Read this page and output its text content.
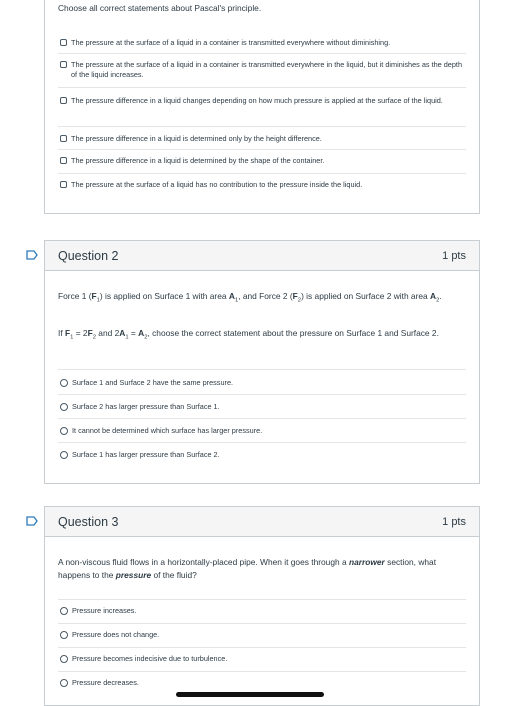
Choose all correct statements about Pascal's principle.
The pressure at the surface of a liquid in a container is transmitted everywhere without diminishing.
The pressure at the surface of a liquid in a container is transmitted everywhere in the liquid, but it diminishes as the depth of the liquid increases.
The pressure difference in a liquid changes depending on how much pressure is applied at the surface of the liquid.
The pressure difference in a liquid is determined only by the height difference.
The pressure difference in a liquid is determined by the shape of the container.
The pressure at the surface of a liquid has no contribution to the pressure inside the liquid.
Question 2	1 pts
Force 1 $(F_1)$ is applied on Surface 1 with area $A_1$, and Force 2 $(F_2)$ is applied on Surface 2 with area $A_2$.
If $F_1 = 2F_2$ and $2A_1 = A_2$, choose the correct statement about the pressure on Surface 1 and Surface 2.
Surface 1 and Surface 2 have the same pressure.
Surface 2 has larger pressure than Surface 1.
It cannot be determined which surface has larger pressure.
Surface 1 has larger pressure than Surface 2.
Question 3	1 pts
A non-viscous fluid flows in a horizontally-placed pipe. When it goes through a narrower section, what happens to the pressure of the fluid?
Pressure increases.
Pressure does not change.
Pressure becomes indecisive due to turbulence.
Pressure decreases.
